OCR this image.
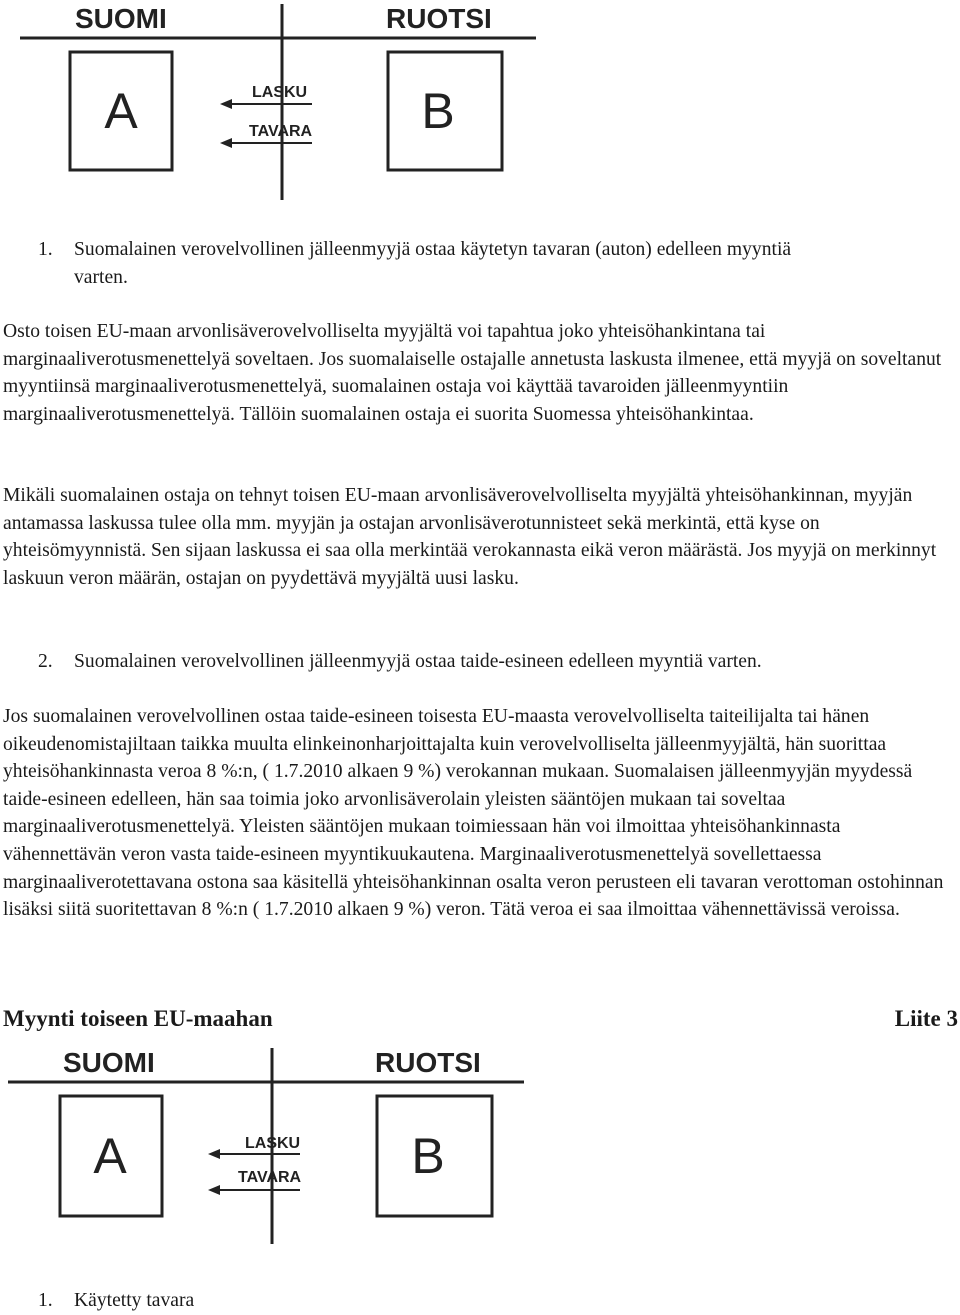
SUOMI	RUOTSI
A	B
LASKU
TAVARA
1. Suomalainen verovelvollinen jälleenmyyjä ostaa käytetyn tavaran (auton) edelleen myyntiä
varten.

Osto toisen EU-maan arvonlisäverovelvolliselta myyjältä voi tapahtua joko yhteisöhankintana tai marginaaliverotusmenettelyä soveltaen. Jos suomalaiselle ostajalle annetusta laskusta ilmenee, että myyjä on soveltanut myyntiinsä marginaaliverotusmenettelyä, suomalainen ostaja voi käyttää tavaroiden jälleenmyyntiin marginaaliverotusmenettelyä. Tällöin suomalainen ostaja ei suorita Suomessa yhteisöhankintaa.

Mikäli suomalainen ostaja on tehnyt toisen EU-maan arvonlisäverovelvolliselta myyjältä yhteisöhankinnan, myyjän antamassa laskussa tulee olla mm. myyjän ja ostajan arvonlisäverotunnisteet sekä merkintä, että kyse on yhteisömyynnistä. Sen sijaan laskussa ei saa olla merkintää verokannasta eikä veron määrästä. Jos myyjä on merkinnyt laskuun veron määrän, ostajan on pyydettävä myyjältä uusi lasku.

2. Suomalainen verovelvollinen jälleenmyyjä ostaa taide-esineen edelleen myyntiä varten.

Jos suomalainen verovelvollinen ostaa taide-esineen toisesta EU-maasta verovelvolliselta taiteilijalta tai hänen oikeudenomistajiltaan taikka muulta elinkeinonharjoittajalta kuin verovelvolliselta jälleenmyyjältä, hän suorittaa yhteisöhankinnasta veroa 8 %:n, ( 1.7.2010 alkaen 9 %) verokannan mukaan. Suomalaisen jälleenmyyjän myydessä taide-esineen edelleen, hän saa toimia joko arvonlisäverolain yleisten sääntöjen mukaan tai soveltaa marginaaliverotusmenettelyä. Yleisten sääntöjen mukaan toimiessaan hän voi ilmoittaa yhteisöhankinnasta vähennettävän veron vasta taide-esineen myyntikuukautena. Marginaaliverotusmenettelyä sovellettaessa marginaaliverotettavana ostona saa käsitellä yhteisöhankinnan osalta veron perusteen eli tavaran verottoman ostohinnan lisäksi siitä suoritettavan 8 %:n ( 1.7.2010 alkaen 9 %) veron. Tätä veroa ei saa ilmoittaa vähennettävissä veroissa.

Myynti toiseen EU-maahan	Liite 3
SUOMI	RUOTSI
A	B
LASKU
TAVARA
1. Käytetty tavara
